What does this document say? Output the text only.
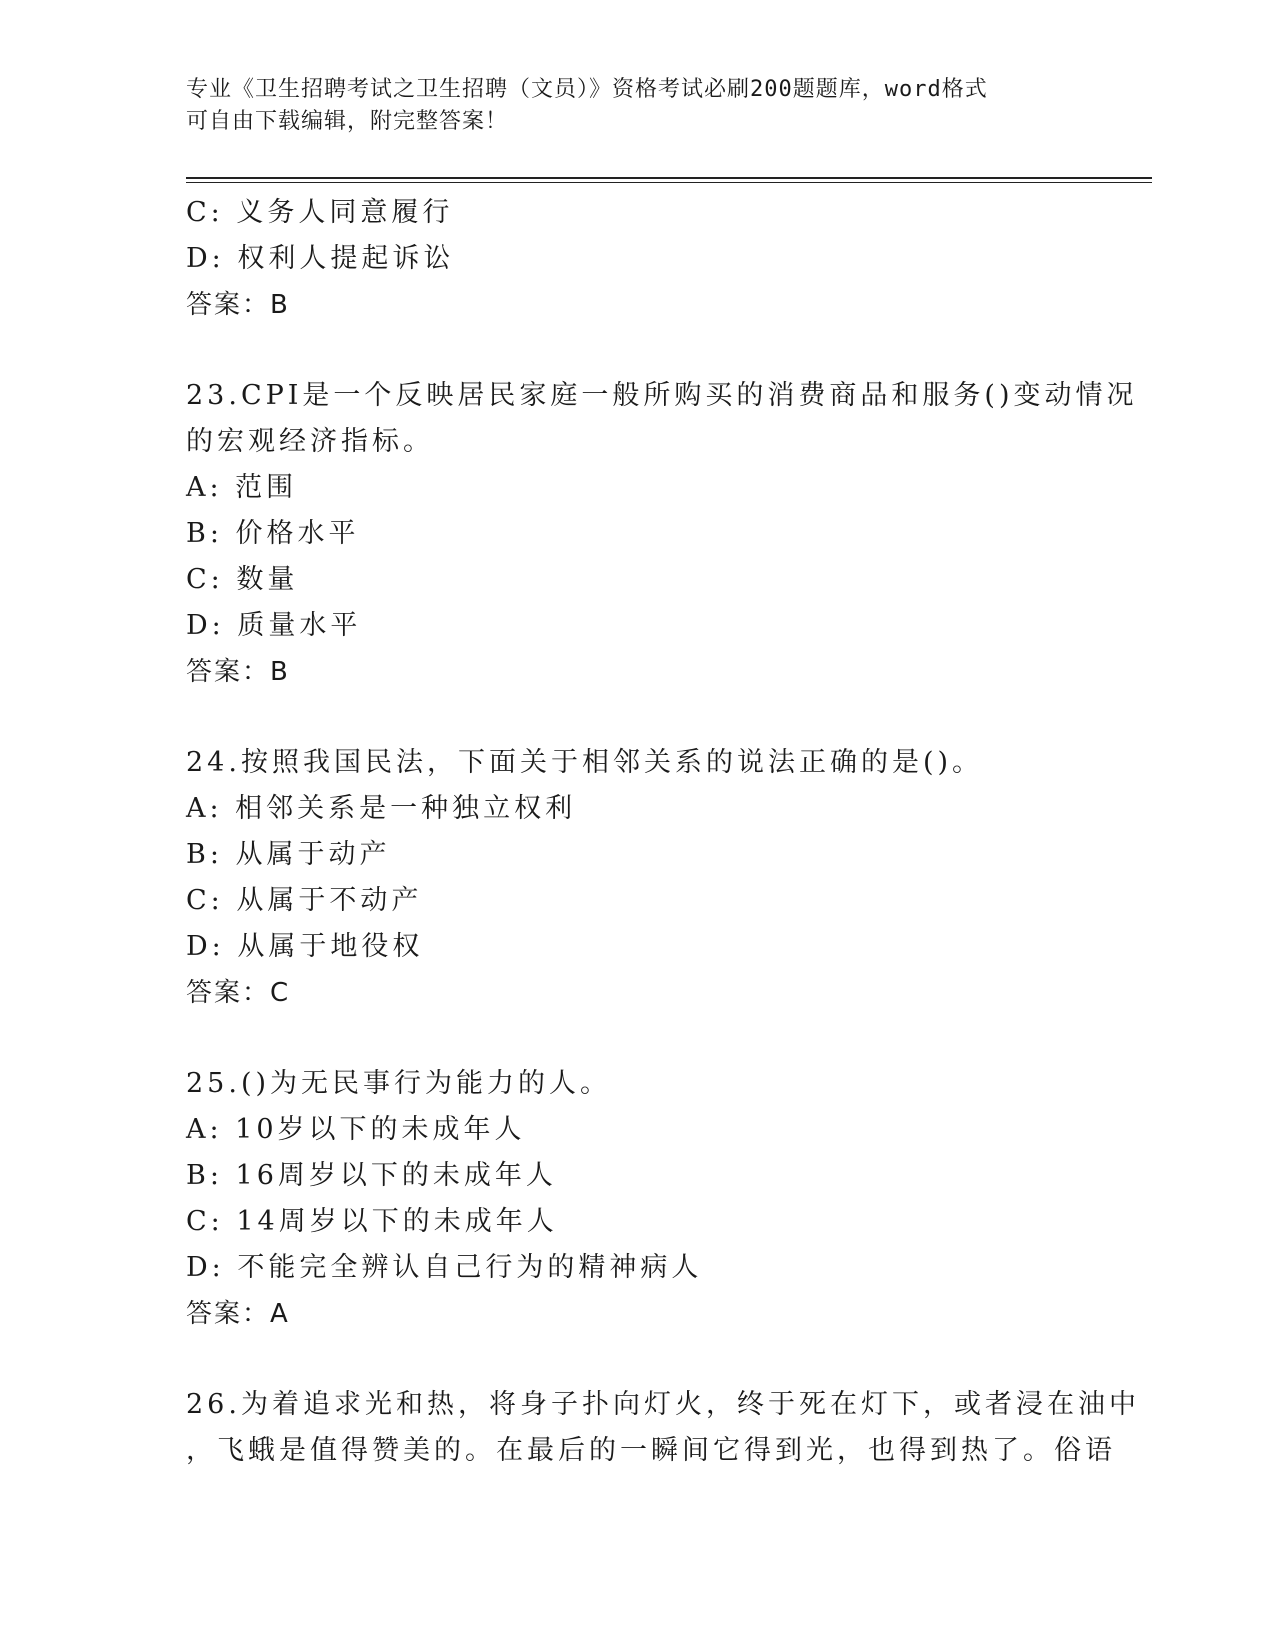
专业《卫生招聘考试之卫生招聘（文员）》资格考试必刷200题题库，word格式
可自由下载编辑，附完整答案！
C: 义务人同意履行
D: 权利人提起诉讼
答案：B
23.CPI是一个反映居民家庭一般所购买的消费商品和服务()变动情况
的宏观经济指标。
A: 范围
B: 价格水平
C: 数量
D: 质量水平
答案：B
24.按照我国民法，下面关于相邻关系的说法正确的是()。
A: 相邻关系是一种独立权利
B: 从属于动产
C: 从属于不动产
D: 从属于地役权
答案：C
25.()为无民事行为能力的人。
A: 10岁以下的未成年人
B: 16周岁以下的未成年人
C: 14周岁以下的未成年人
D: 不能完全辨认自己行为的精神病人
答案：A
26.为着追求光和热，将身子扑向灯火，终于死在灯下，或者浸在油中
，飞蛾是值得赞美的。在最后的一瞬间它得到光，也得到热了。俗语
